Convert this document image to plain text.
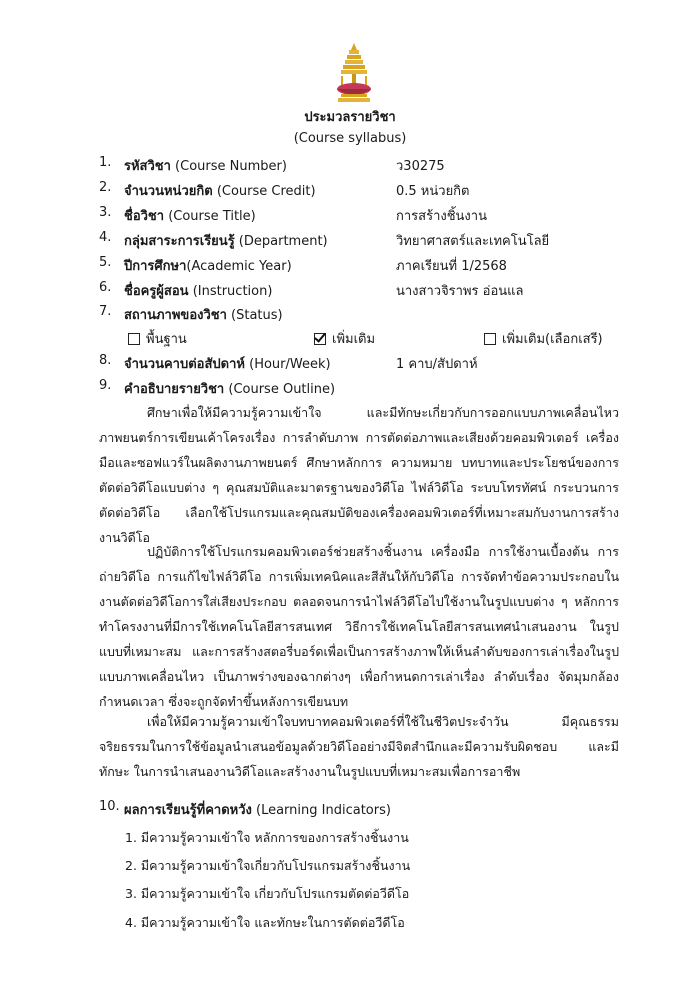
ประมวลรายวิชา
(Course syllabus)
1. รหัสวิชา (Course Number)	ว30275
2. จำนวนหน่วยกิต (Course Credit)	0.5 หน่วยกิต
3. ชื่อวิชา (Course Title)	การสร้างชิ้นงาน
4. กลุ่มสาระการเรียนรู้ (Department)	วิทยาศาสตร์และเทคโนโลยี
5. ปีการศึกษา(Academic Year)	ภาคเรียนที่ 1/2568
6. ชื่อครูผู้สอน (Instruction)	นางสาวจิราพร อ่อนแล
7. สถานภาพของวิชา (Status)
พื้นฐาน	เพิ่มเติม	เพิ่มเติม(เลือกเสรี)
8. จำนวนคาบต่อสัปดาห์ (Hour/Week)	1 คาบ/สัปดาห์
9. คำอธิบายรายวิชา (Course Outline)

ศึกษาเพื่อให้มีความรู้ความเข้าใจ และมีทักษะเกี่ยวกับการออกแบบภาพเคลื่อนไหว ภาพยนตร์การเขียนเค้าโครงเรื่อง การลำดับภาพ การตัดต่อภาพและเสียงด้วยคอมพิวเตอร์ เครื่องมือและซอฟแวร์ในผลิตงานภาพยนตร์ ศึกษาหลักการ ความหมาย บทบาทและประโยชน์ของการตัดต่อวิดีโอแบบต่าง ๆ คุณสมบัติและมาตรฐานของวิดีโอ ไฟล์วิดีโอ ระบบโทรทัศน์ กระบวนการตัดต่อวิดีโอ เลือกใช้โปรแกรมและคุณสมบัติของเครื่องคอมพิวเตอร์ที่เหมาะสมกับงานการสร้างงานวิดีโอ

ปฏิบัติการใช้โปรแกรมคอมพิวเตอร์ช่วยสร้างชิ้นงาน เครื่องมือ การใช้งานเบื้องต้น การถ่ายวิดีโอ การแก้ไขไฟล์วิดีโอ การเพิ่มเทคนิคและสีสันให้กับวิดีโอ การจัดทำข้อความประกอบในงานตัดต่อวิดีโอการใส่เสียงประกอบ ตลอดจนการนำไฟล์วิดีโอไปใช้งานในรูปแบบต่าง ๆ หลักการทำโครงงานที่มีการใช้เทคโนโลยีสารสนเทศ วิธีการใช้เทคโนโลยีสารสนเทศนำเสนองาน ในรูปแบบที่เหมาะสม และการสร้างสตอรี่บอร์ดเพื่อเป็นการสร้างภาพให้เห็นลำดับของการเล่าเรื่องในรูปแบบภาพเคลื่อนไหว เป็นภาพร่างของฉากต่างๆ เพื่อกำหนดการเล่าเรื่อง ลำดับเรื่อง จัดมุมกล้อง กำหนดเวลา ซึ่งจะถูกจัดทำขึ้นหลังการเขียนบท

เพื่อให้มีความรู้ความเข้าใจบทบาทคอมพิวเตอร์ที่ใช้ในชีวิตประจำวัน มีคุณธรรมจริยธรรมในการใช้ข้อมูลนำเสนอข้อมูลด้วยวิดีโออย่างมีจิตสำนึกและมีความรับผิดชอบ และมีทักษะ ในการนำเสนองานวิดีโอและสร้างงานในรูปแบบที่เหมาะสมเพื่อการอาชีพ

10. ผลการเรียนรู้ที่คาดหวัง (Learning Indicators)
1. มีความรู้ความเข้าใจ หลักการของการสร้างชิ้นงาน
2. มีความรู้ความเข้าใจเกี่ยวกับโปรแกรมสร้างชิ้นงาน
3. มีความรู้ความเข้าใจ เกี่ยวกับโปรแกรมตัดต่อวีดีโอ
4. มีความรู้ความเข้าใจ และทักษะในการตัดต่อวีดีโอ
